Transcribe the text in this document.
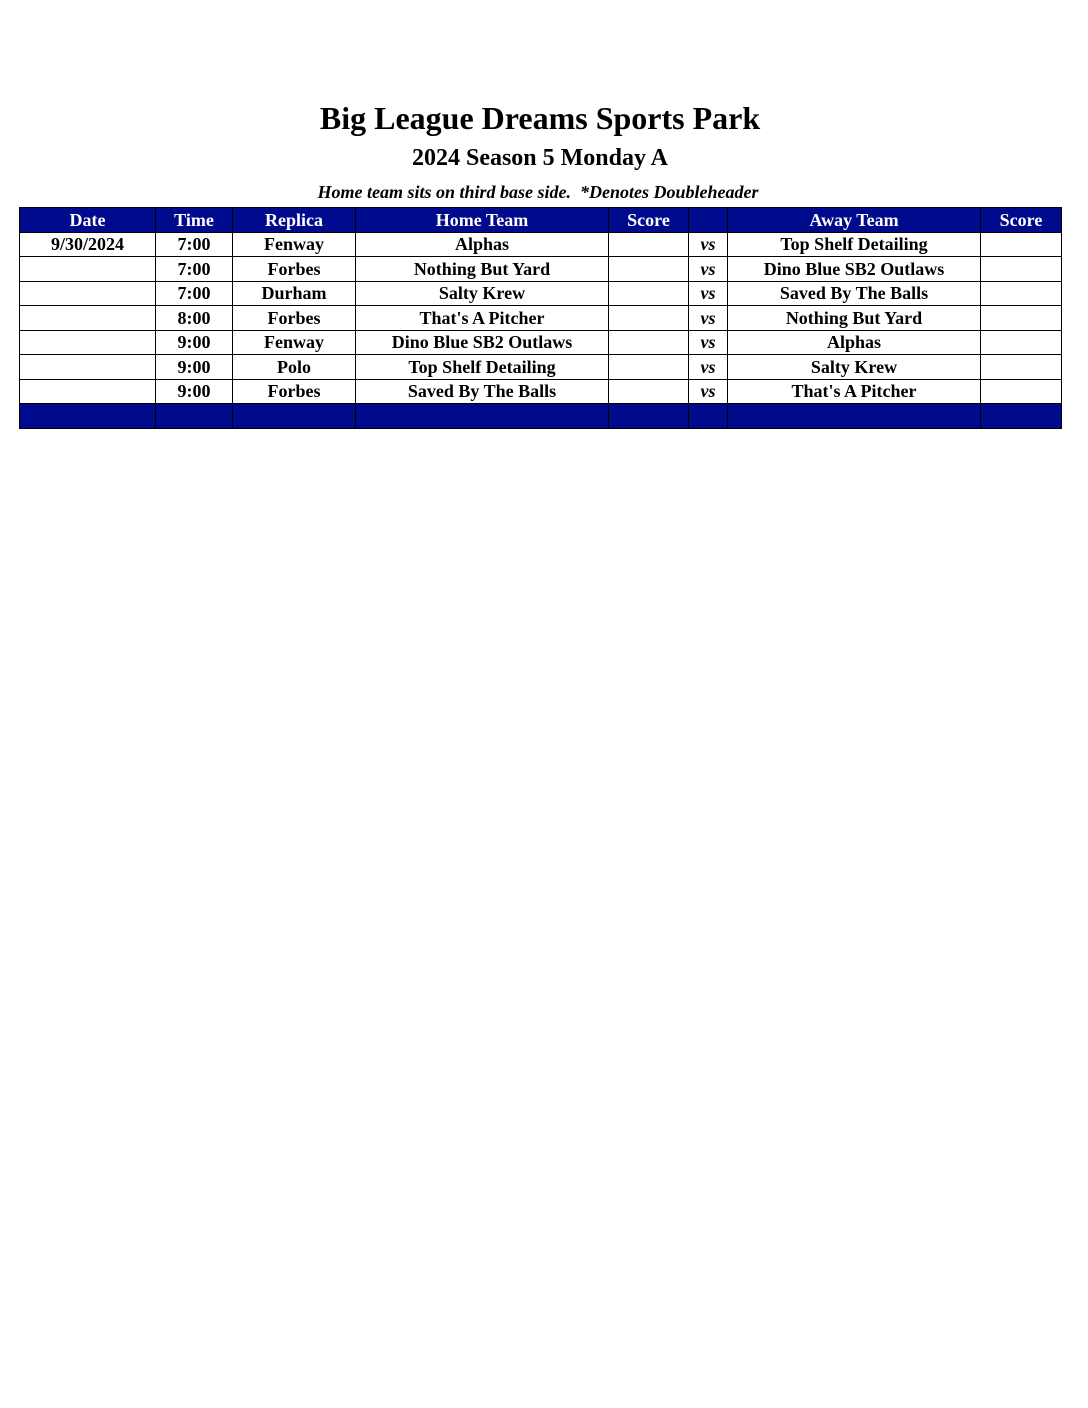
Big League Dreams Sports Park
2024 Season 5 Monday A
Home team sits on third base side.  *Denotes Doubleheader
Date	Time	Replica	Home Team	Score		Away Team	Score
9/30/2024	7:00	Fenway	Alphas		vs	Top Shelf Detailing	
	7:00	Forbes	Nothing But Yard		vs	Dino Blue SB2 Outlaws	
	7:00	Durham	Salty Krew		vs	Saved By The Balls	
	8:00	Forbes	That's A Pitcher		vs	Nothing But Yard	
	9:00	Fenway	Dino Blue SB2 Outlaws		vs	Alphas	
	9:00	Polo	Top Shelf Detailing		vs	Salty Krew	
	9:00	Forbes	Saved By The Balls		vs	That's A Pitcher	
